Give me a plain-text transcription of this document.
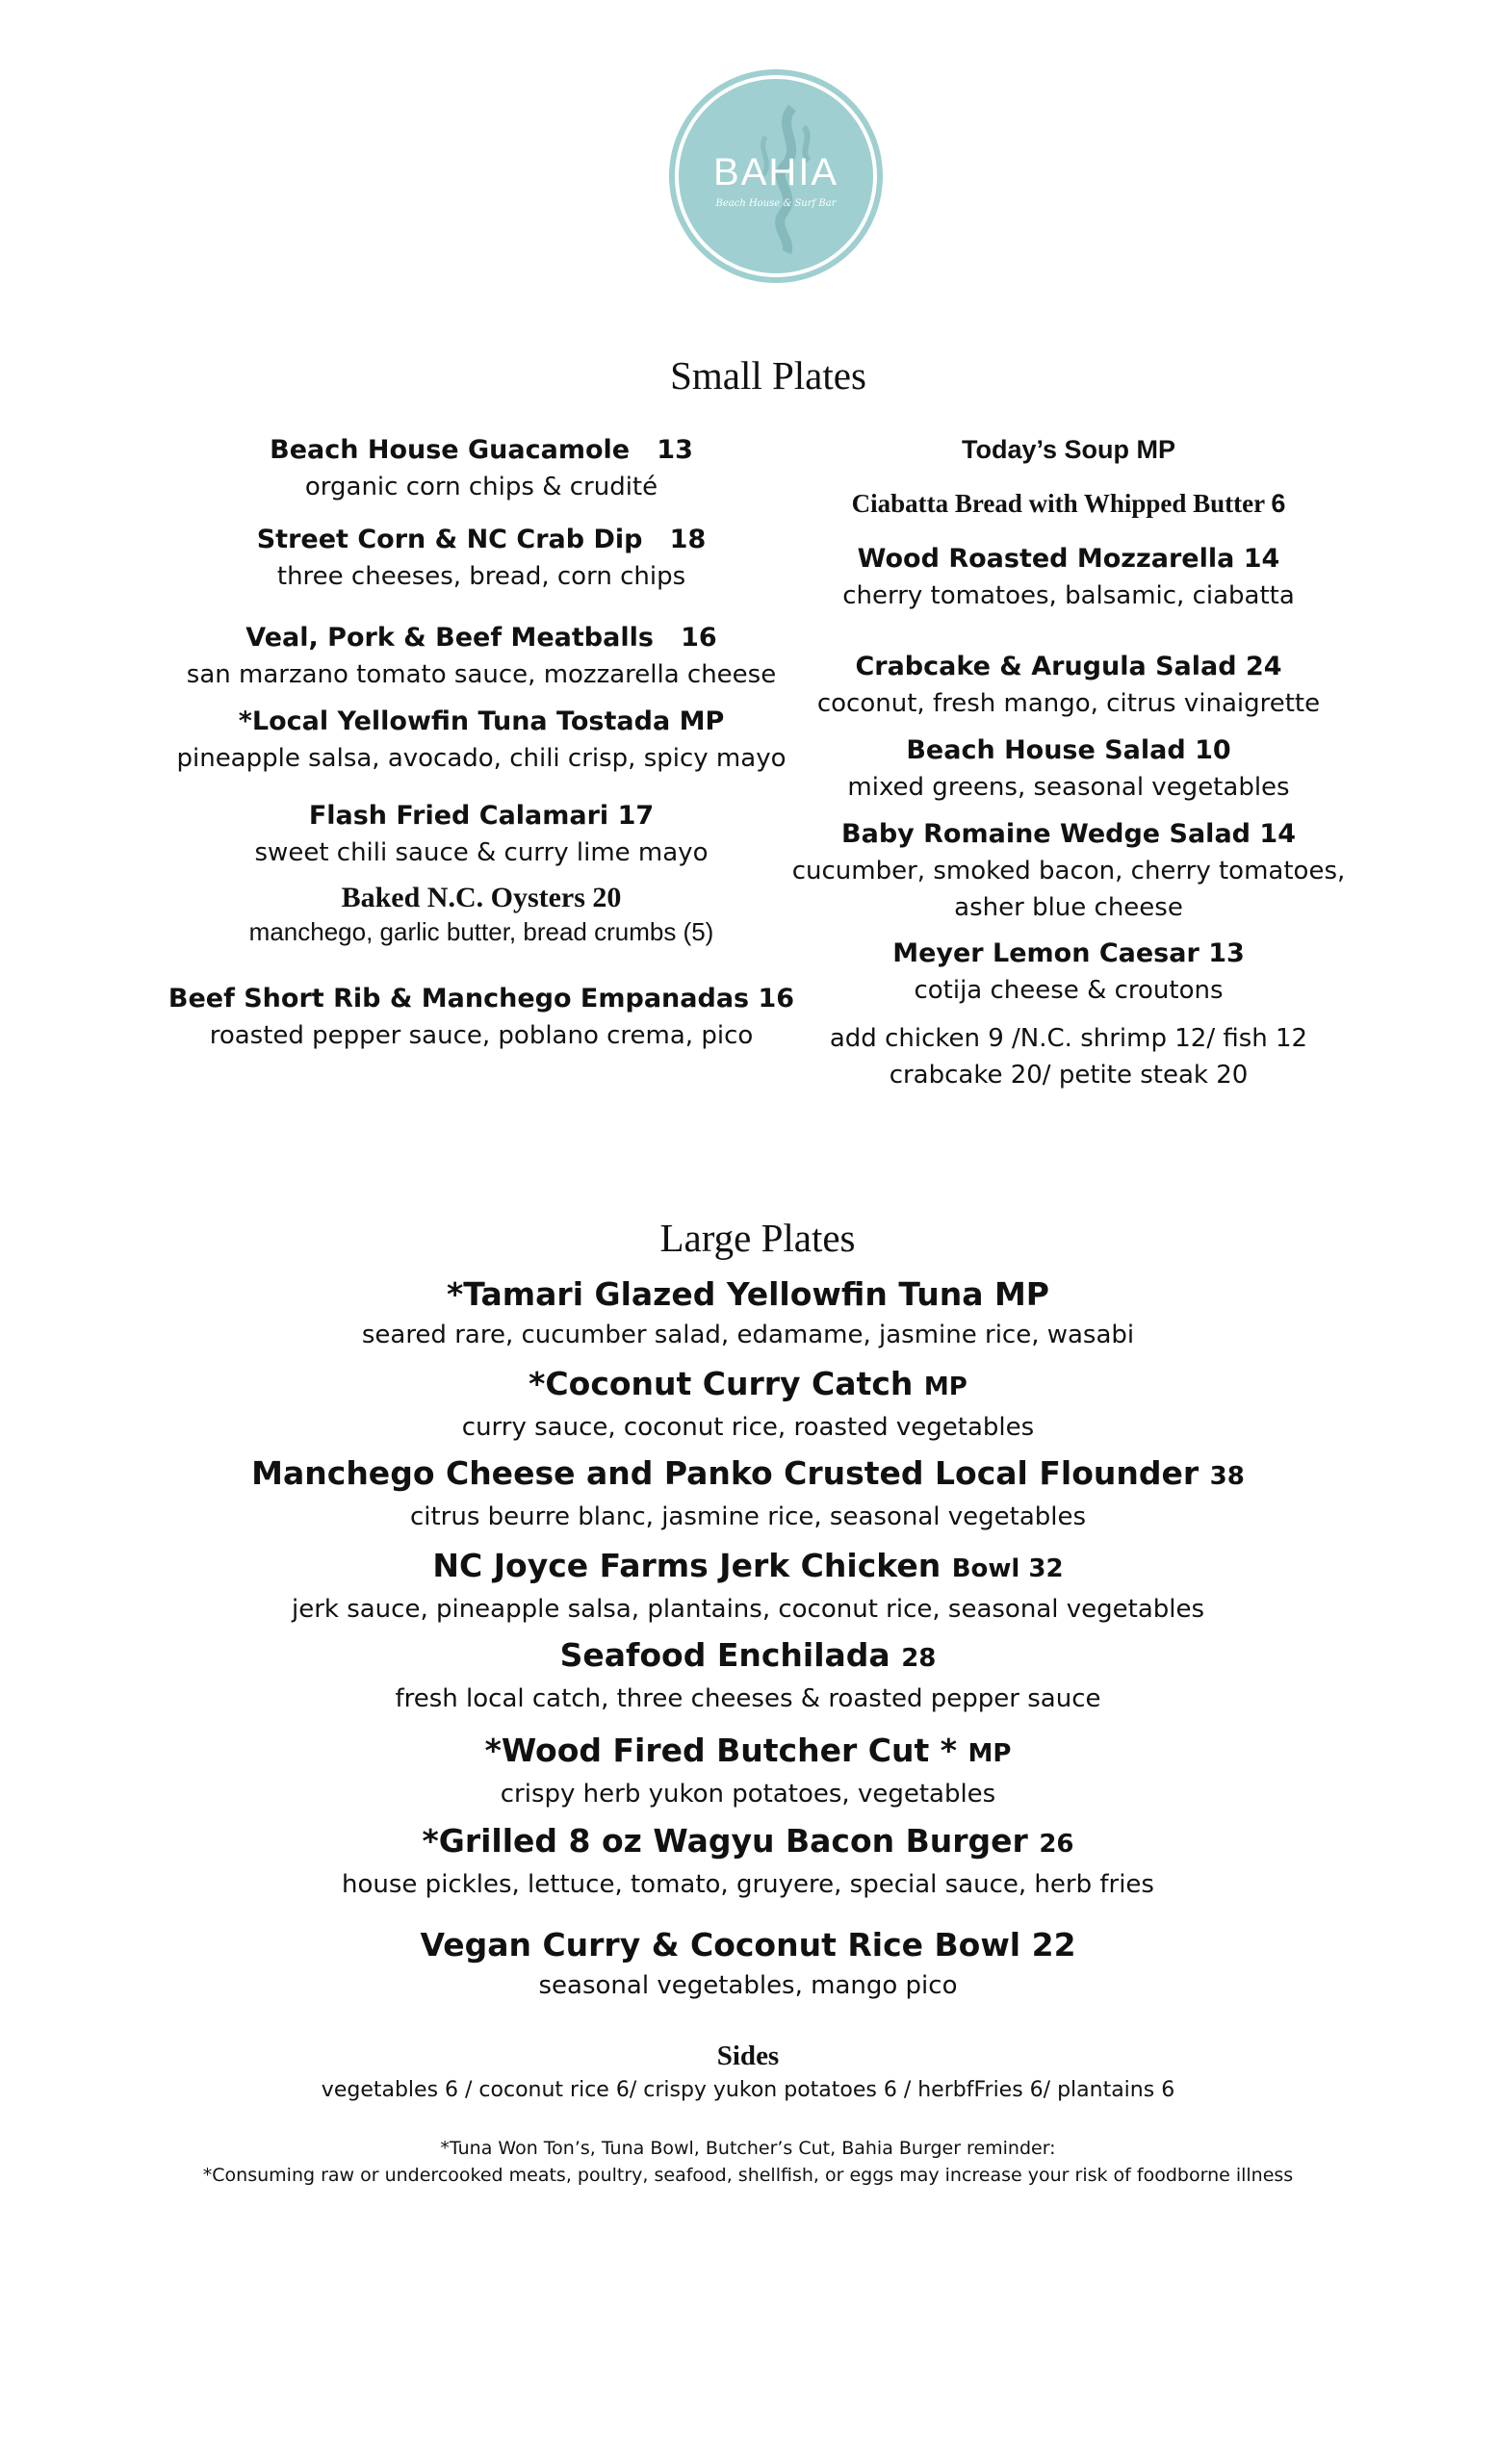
BAHIA
Beach House & Surf Bar
Small Plates
Beach House Guacamole 13
organic corn chips & crudité
Street Corn & NC Crab Dip 18
three cheeses, bread, corn chips
Veal, Pork & Beef Meatballs 16
san marzano tomato sauce, mozzarella cheese
*Local Yellowfin Tuna Tostada MP
pineapple salsa, avocado, chili crisp, spicy mayo
Flash Fried Calamari 17
sweet chili sauce & curry lime mayo
Baked N.C. Oysters 20
manchego, garlic butter, bread crumbs (5)
Beef Short Rib & Manchego Empanadas 16
roasted pepper sauce, poblano crema, pico
Today’s Soup MP
Ciabatta Bread with Whipped Butter 6
Wood Roasted Mozzarella 14
cherry tomatoes, balsamic, ciabatta
Crabcake & Arugula Salad 24
coconut, fresh mango, citrus vinaigrette
Beach House Salad 10
mixed greens, seasonal vegetables
Baby Romaine Wedge Salad 14
cucumber, smoked bacon, cherry tomatoes,
asher blue cheese
Meyer Lemon Caesar 13
cotija cheese & croutons
add chicken 9 /N.C. shrimp 12/ fish 12
crabcake 20/ petite steak 20
Large Plates
*Tamari Glazed Yellowfin Tuna MP
seared rare, cucumber salad, edamame, jasmine rice, wasabi
*Coconut Curry Catch MP
curry sauce, coconut rice, roasted vegetables
Manchego Cheese and Panko Crusted Local Flounder 38
citrus beurre blanc, jasmine rice, seasonal vegetables
NC Joyce Farms Jerk Chicken Bowl 32
jerk sauce, pineapple salsa, plantains, coconut rice, seasonal vegetables
Seafood Enchilada 28
fresh local catch, three cheeses & roasted pepper sauce
*Wood Fired Butcher Cut * MP
crispy herb yukon potatoes, vegetables
*Grilled 8 oz Wagyu Bacon Burger 26
house pickles, lettuce, tomato, gruyere, special sauce, herb fries
Vegan Curry & Coconut Rice Bowl 22
seasonal vegetables, mango pico
Sides
vegetables 6 / coconut rice 6/ crispy yukon potatoes 6 / herbfFries 6/ plantains 6
*Tuna Won Ton’s, Tuna Bowl, Butcher’s Cut, Bahia Burger reminder:
*Consuming raw or undercooked meats, poultry, seafood, shellfish, or eggs may increase your risk of foodborne illness
